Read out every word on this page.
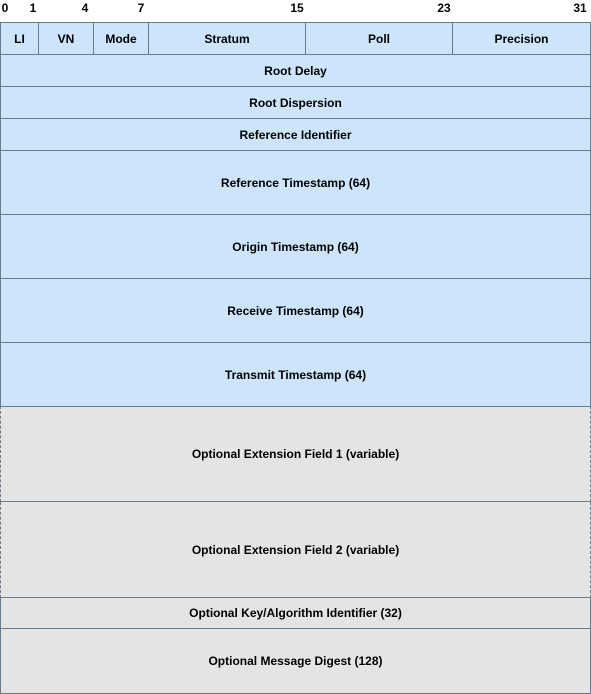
0 1	4	7	15	23	31
LI	VN	Mode	Stratum	Poll	Precision
Root Delay
Root Dispersion
Reference Identifier
Reference Timestamp (64)
Origin Timestamp (64)
Receive Timestamp (64)
Transmit Timestamp (64)
Optional Extension Field 1 (variable)
Optional Extension Field 2 (variable)
Optional Key/Algorithm Identifier (32)
Optional Message Digest (128)
